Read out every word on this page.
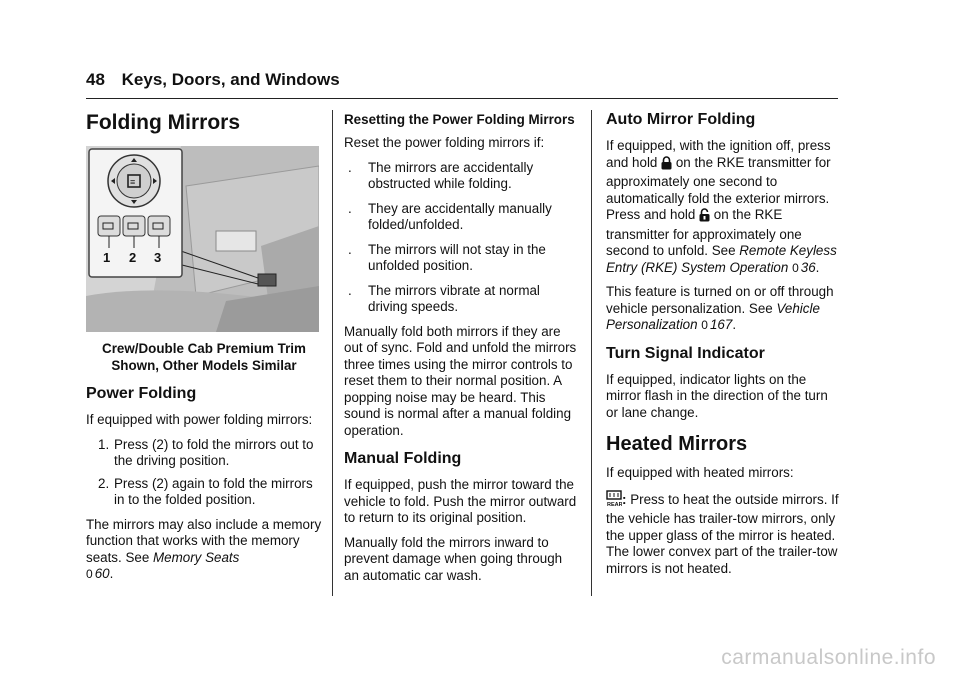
48 Keys, Doors, and Windows
Folding Mirrors
≡
1 2 3
Crew/Double Cab Premium Trim
Shown, Other Models Similar
Power Folding

If equipped with power folding mirrors:

1. Press (2) to fold the mirrors out to the driving position.
2. Press (2) again to fold the mirrors in to the folded position.

The mirrors may also include a memory function that works with the memory seats. See Memory Seats
0 60.

Resetting the Power Folding Mirrors

Reset the power folding mirrors if:

. The mirrors are accidentally obstructed while folding.
. They are accidentally manually folded/unfolded.
. The mirrors will not stay in the unfolded position.
. The mirrors vibrate at normal driving speeds.

Manually fold both mirrors if they are out of sync. Fold and unfold the mirrors three times using the mirror controls to reset them to their normal position. A popping noise may be heard. This sound is normal after a manual folding operation.

Manual Folding

If equipped, push the mirror toward the vehicle to fold. Push the mirror outward to return to its original position.

Manually fold the mirrors inward to prevent damage when going through an automatic car wash.

Auto Mirror Folding

If equipped, with the ignition off, press and hold  on the RKE transmitter for approximately one second to automatically fold the exterior mirrors. Press and hold  on the RKE transmitter for approximately one second to unfold. See Remote Keyless Entry (RKE) System Operation 0 36.

This feature is turned on or off through vehicle personalization. See Vehicle Personalization 0 167.

Turn Signal Indicator

If equipped, indicator lights on the mirror flash in the direction of the turn or lane change.

Heated Mirrors

If equipped with heated mirrors:

REAR : Press to heat the outside mirrors. If the vehicle has trailer-tow mirrors, only the upper glass of the mirror is heated. The lower convex part of the trailer-tow mirrors is not heated.

carmanualsonline.info
